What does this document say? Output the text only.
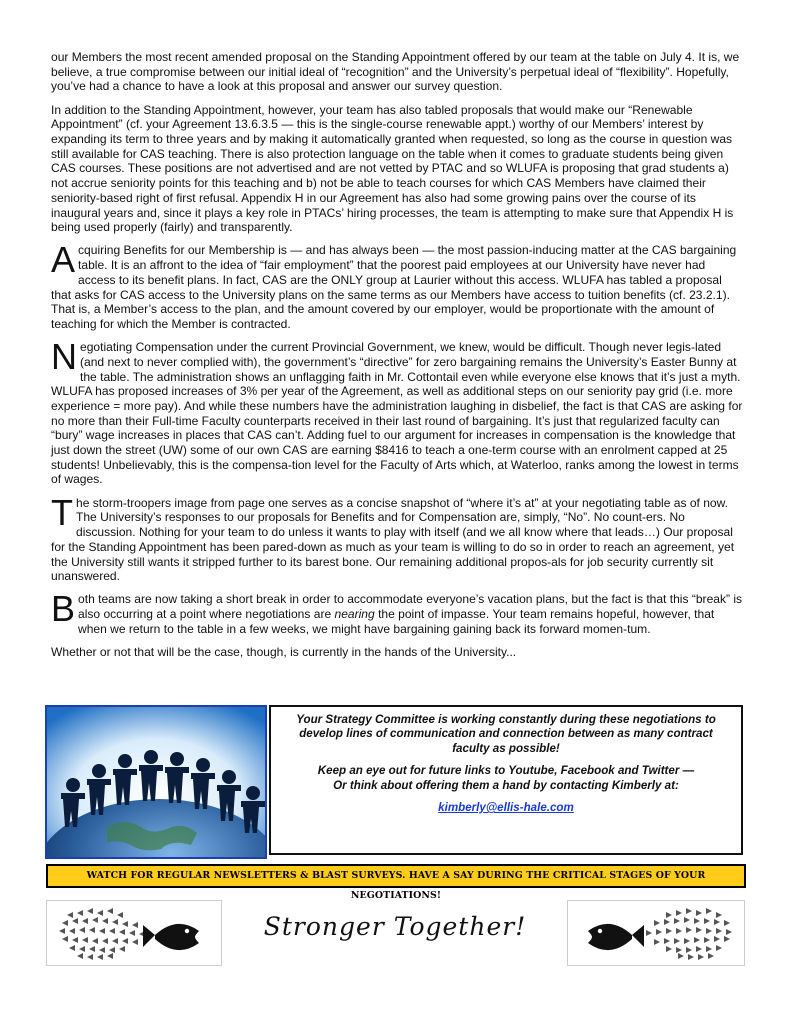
our Members the most recent amended proposal on the Standing Appointment offered by our team at the table on July 4. It is, we believe, a true compromise between our initial ideal of “recognition” and the University’s perpetual ideal of “flexibility”. Hopefully, you’ve had a chance to have a look at this proposal and answer our survey question.

In addition to the Standing Appointment, however, your team has also tabled proposals that would make our “Renewable Appointment” (cf. your Agreement 13.6.3.5 — this is the single-course renewable appt.) worthy of our Members’ interest by expanding its term to three years and by making it automatically granted when requested, so long as the course in question was still available for CAS teaching. There is also protection language on the table when it comes to graduate students being given CAS courses. These positions are not advertised and are not vetted by PTAC and so WLUFA is proposing that grad students a) not accrue seniority points for this teaching and b) not be able to teach courses for which CAS Members have claimed their seniority-based right of first refusal. Appendix H in our Agreement has also had some growing pains over the course of its inaugural years and, since it plays a key role in PTACs’ hiring processes, the team is attempting to make sure that Appendix H is being used properly (fairly) and transparently.

Acquiring Benefits for our Membership is — and has always been — the most passion-inducing matter at the CAS bargaining table. It is an affront to the idea of “fair employment” that the poorest paid employees at our University have never had access to its benefit plans. In fact, CAS are the ONLY group at Laurier without this access. WLUFA has tabled a proposal that asks for CAS access to the University plans on the same terms as our Members have access to tuition benefits (cf. 23.2.1). That is, a Member’s access to the plan, and the amount covered by our employer, would be proportionate with the amount of teaching for which the Member is contracted.

Negotiating Compensation under the current Provincial Government, we knew, would be difficult. Though never legis-lated (and next to never complied with), the government’s “directive” for zero bargaining remains the University’s Easter Bunny at the table. The administration shows an unflagging faith in Mr. Cottontail even while everyone else knows that it’s just a myth. WLUFA has proposed increases of 3% per year of the Agreement, as well as additional steps on our seniority pay grid (i.e. more experience = more pay). And while these numbers have the administration laughing in disbelief, the fact is that CAS are asking for no more than their Full-time Faculty counterparts received in their last round of bargaining. It’s just that regularized faculty can “bury” wage increases in places that CAS can’t. Adding fuel to our argument for increases in compensation is the knowledge that just down the street (UW) some of our own CAS are earning $8416 to teach a one-term course with an enrolment capped at 25 students! Unbelievably, this is the compensa-tion level for the Faculty of Arts which, at Waterloo, ranks among the lowest in terms of wages.

The storm-troopers image from page one serves as a concise snapshot of “where it’s at” at your negotiating table as of now. The University’s responses to our proposals for Benefits and for Compensation are, simply, “No”. No count-ers. No discussion. Nothing for your team to do unless it wants to play with itself (and we all know where that leads…) Our proposal for the Standing Appointment has been pared-down as much as your team is willing to do so in order to reach an agreement, yet the University still wants it stripped further to its barest bone. Our remaining additional propos-als for job security currently sit unanswered.

Both teams are now taking a short break in order to accommodate everyone’s vacation plans, but the fact is that this “break” is also occurring at a point where negotiations are nearing the point of impasse. Your team remains hopeful, however, that when we return to the table in a few weeks, we might have bargaining gaining back its forward momen-tum.

Whether or not that will be the case, though, is currently in the hands of the University...

Your Strategy Committee is working constantly during these negotiations to develop lines of communication and connection between as many contract faculty as possible!

Keep an eye out for future links to Youtube, Facebook and Twitter —

Or think about offering them a hand by contacting Kimberly at:

kimberly@ellis-hale.com
WATCH FOR REGULAR NEWSLETTERS & BLAST SURVEYS. HAVE A SAY DURING THE CRITICAL STAGES OF YOUR NEGOTIATIONS!
Stronger Together!
